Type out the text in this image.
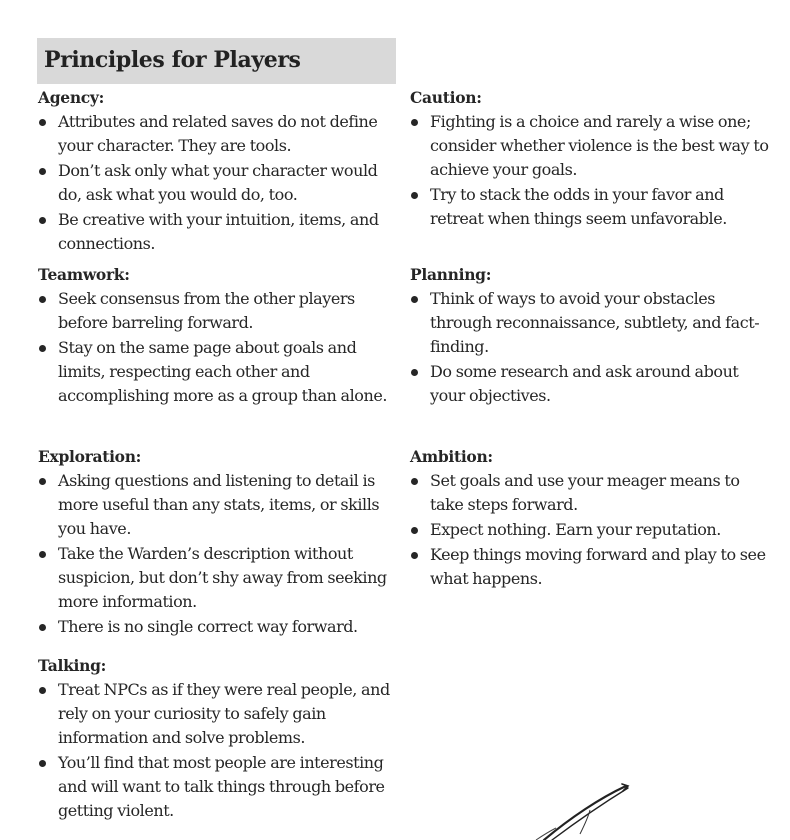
Principles for Players
Agency:
Attributes and related saves do not define your character. They are tools.
Don’t ask only what your character would do, ask what you would do, too.
Be creative with your intuition, items, and connections.
Teamwork:
Seek consensus from the other players before barreling forward.
Stay on the same page about goals and limits, respecting each other and accomplishing more as a group than alone.
Exploration:
Asking questions and listening to detail is more useful than any stats, items, or skills you have.
Take the Warden’s description without suspicion, but don’t shy away from seeking more information.
There is no single correct way forward.
Talking:
Treat NPCs as if they were real people, and rely on your curiosity to safely gain information and solve problems.
You’ll find that most people are interesting and will want to talk things through before getting violent.
Caution:
Fighting is a choice and rarely a wise one; consider whether violence is the best way to achieve your goals.
Try to stack the odds in your favor and retreat when things seem unfavorable.
Planning:
Think of ways to avoid your obstacles through reconnaissance, subtlety, and fact-finding.
Do some research and ask around about your objectives.
Ambition:
Set goals and use your meager means to take steps forward.
Expect nothing. Earn your reputation.
Keep things moving forward and play to see what happens.
